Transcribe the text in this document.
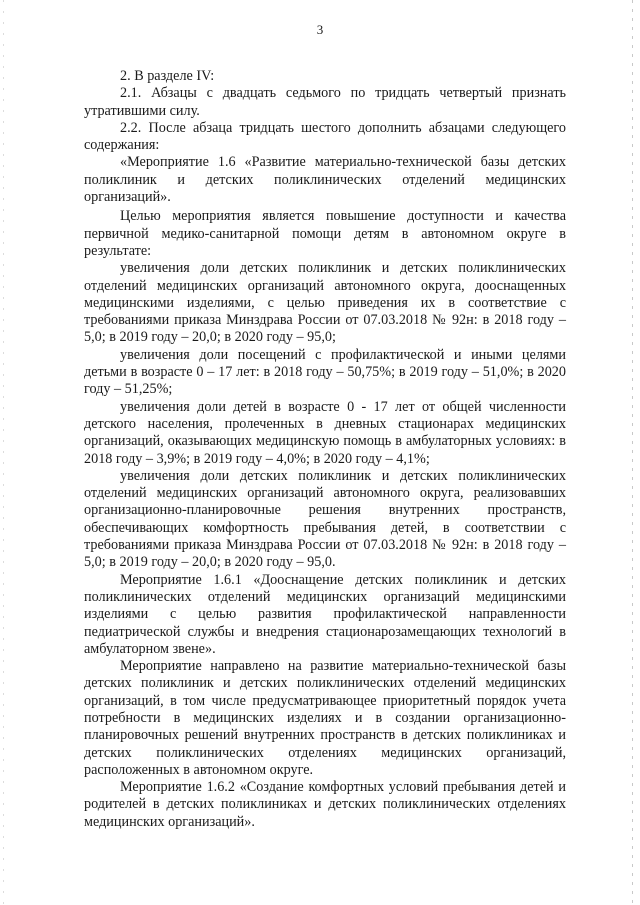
3

2. В разделе IV:

2.1. Абзацы с двадцать седьмого по тридцать четвертый признать утратившими силу.

2.2. После абзаца тридцать шестого дополнить абзацами следующего содержания:

«Мероприятие 1.6 «Развитие материально-технической базы детских поликлиник и детских поликлинических отделений медицинских организаций».

Целью мероприятия является повышение доступности и качества первичной медико-санитарной помощи детям в автономном округе в результате:

увеличения доли детских поликлиник и детских поликлинических отделений медицинских организаций автономного округа, дооснащенных медицинскими изделиями, с целью приведения их в соответствие с требованиями приказа Минздрава России от 07.03.2018 № 92н: в 2018 году – 5,0; в 2019 году – 20,0; в 2020 году – 95,0;

увеличения доли посещений с профилактической и иными целями детьми в возрасте 0 – 17 лет: в 2018 году – 50,75%; в 2019 году – 51,0%; в 2020 году – 51,25%;

увеличения доли детей в возрасте 0 - 17 лет от общей численности детского населения, пролеченных в дневных стационарах медицинских организаций, оказывающих медицинскую помощь в амбулаторных условиях: в 2018 году – 3,9%; в 2019 году – 4,0%; в 2020 году – 4,1%;

увеличения доли детских поликлиник и детских поликлинических отделений медицинских организаций автономного округа, реализовавших организационно-планировочные решения внутренних пространств, обеспечивающих комфортность пребывания детей, в соответствии с требованиями приказа Минздрава России от 07.03.2018 № 92н: в 2018 году – 5,0; в 2019 году – 20,0; в 2020 году – 95,0.

Мероприятие 1.6.1 «Дооснащение детских поликлиник и детских поликлинических отделений медицинских организаций медицинскими изделиями с целью развития профилактической направленности педиатрической службы и внедрения стационарозамещающих технологий в амбулаторном звене».

Мероприятие направлено на развитие материально-технической базы детских поликлиник и детских поликлинических отделений медицинских организаций, в том числе предусматривающее приоритетный порядок учета потребности в медицинских изделиях и в создании организационно-планировочных решений внутренних пространств в детских поликлиниках и детских поликлинических отделениях медицинских организаций, расположенных в автономном округе.

Мероприятие 1.6.2 «Создание комфортных условий пребывания детей и родителей в детских поликлиниках и детских поликлинических отделениях медицинских организаций».
